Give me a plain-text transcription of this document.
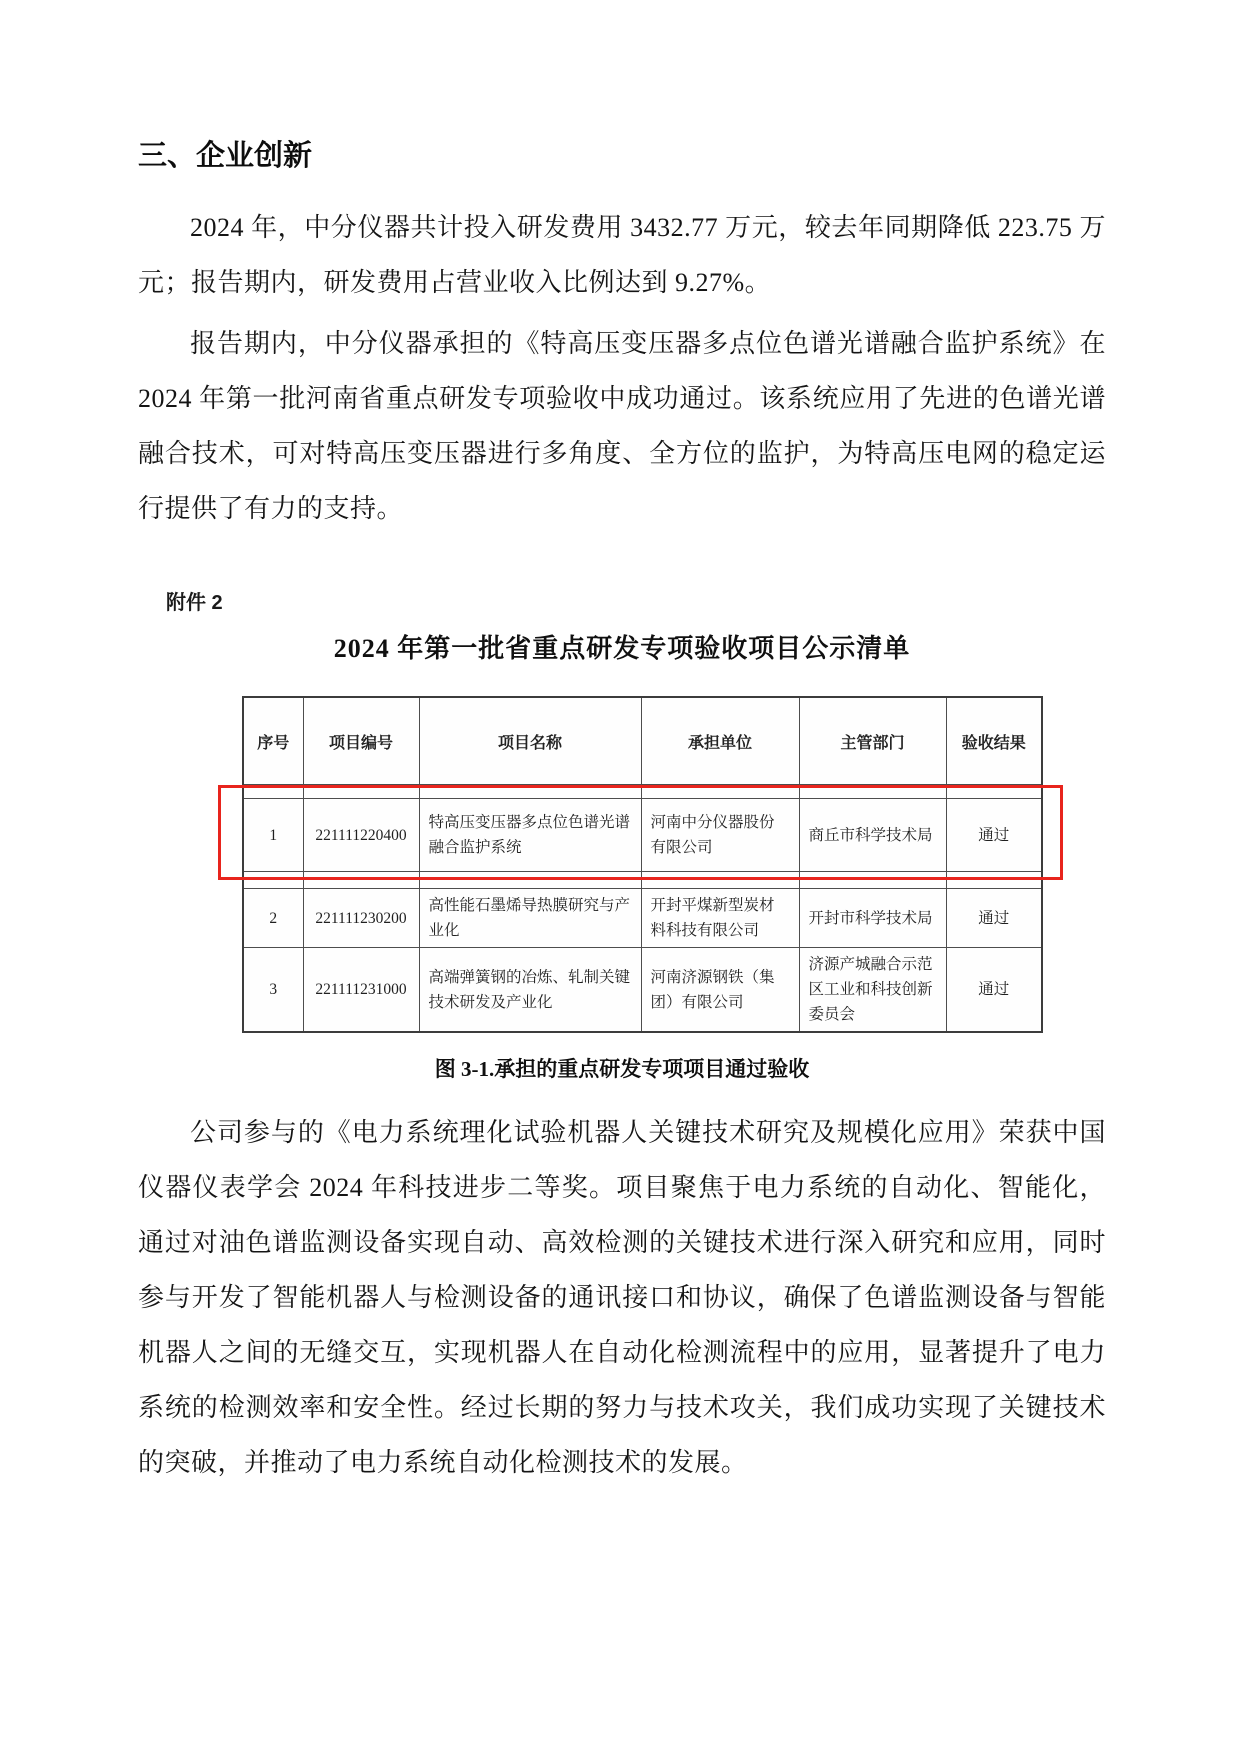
三、企业创新

2024 年，中分仪器共计投入研发费用 3432.77 万元，较去年同期降低 223.75 万元；报告期内，研发费用占营业收入比例达到 9.27%。

报告期内，中分仪器承担的《特高压变压器多点位色谱光谱融合监护系统》在 2024 年第一批河南省重点研发专项验收中成功通过。该系统应用了先进的色谱光谱融合技术，可对特高压变压器进行多角度、全方位的监护，为特高压电网的稳定运行提供了有力的支持。

附件 2
2024 年第一批省重点研发专项验收项目公示清单
序号	项目编号	项目名称	承担单位	主管部门	验收结果

1	221111220400	特高压变压器多点位色谱光谱融合监护系统	河南中分仪器股份有限公司	商丘市科学技术局	通过

2	221111230200	高性能石墨烯导热膜研究与产业化	开封平煤新型炭材料科技有限公司	开封市科学技术局	通过
3	221111231000	高端弹簧钢的冶炼、轧制关键技术研发及产业化	河南济源钢铁（集团）有限公司	济源产城融合示范区工业和科技创新委员会	通过
图 3-1.承担的重点研发专项项目通过验收

公司参与的《电力系统理化试验机器人关键技术研究及规模化应用》荣获中国仪器仪表学会 2024 年科技进步二等奖。项目聚焦于电力系统的自动化、智能化，通过对油色谱监测设备实现自动、高效检测的关键技术进行深入研究和应用，同时参与开发了智能机器人与检测设备的通讯接口和协议，确保了色谱监测设备与智能机器人之间的无缝交互，实现机器人在自动化检测流程中的应用，显著提升了电力系统的检测效率和安全性。经过长期的努力与技术攻关，我们成功实现了关键技术的突破，并推动了电力系统自动化检测技术的发展。
